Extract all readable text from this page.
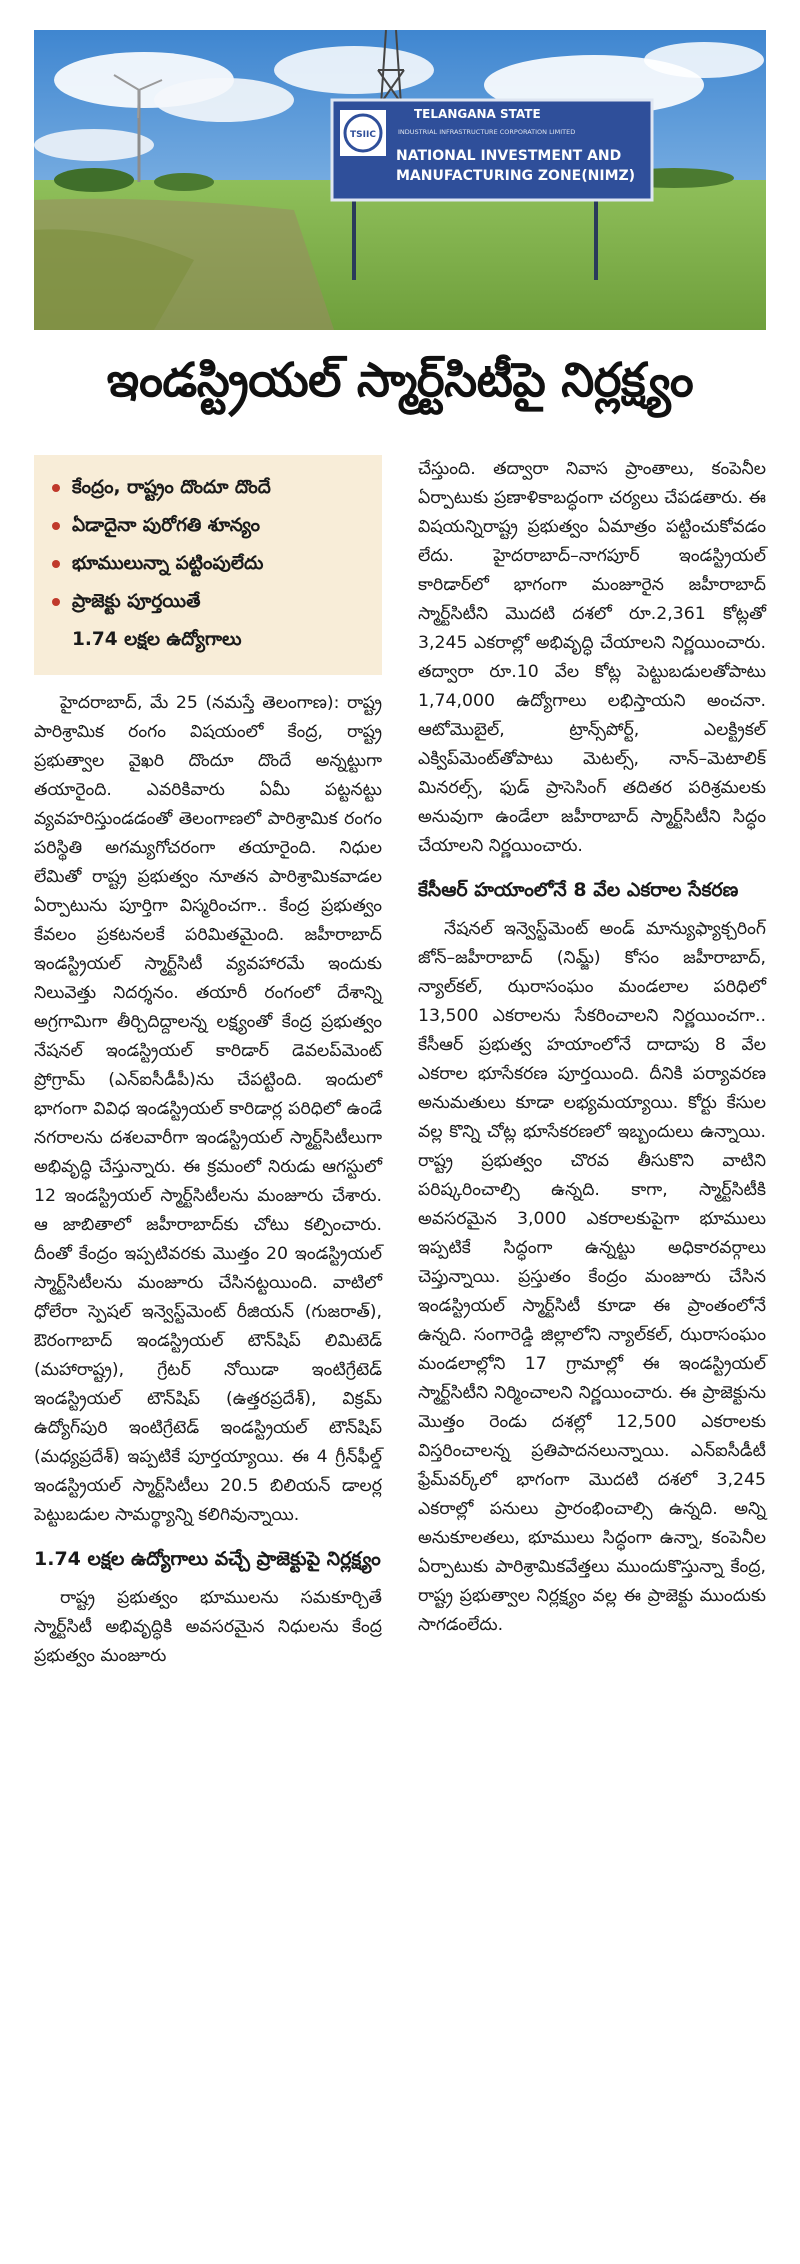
TSIIC
TELANGANA STATE
INDUSTRIAL INFRASTRUCTURE CORPORATION LIMITED
NATIONAL INVESTMENT AND
MANUFACTURING ZONE(NIMZ)
ఇండస్ట్రియల్ స్మార్ట్‌సిటీపై నిర్లక్ష్యం
కేంద్రం, రాష్ట్రం దొందూ దొందే
ఏడాదైనా పురోగతి శూన్యం
భూములున్నా పట్టింపులేదు
ప్రాజెక్టు పూర్తయితే
1.74 లక్షల ఉద్యోగాలు

హైదరాబాద్, మే 25 (నమస్తే తెలంగాణ): రాష్ట్ర పారిశ్రామిక రంగం విషయంలో కేంద్ర, రాష్ట్ర ప్రభుత్వాల వైఖరి దొందూ దొందే అన్నట్టుగా తయారైంది. ఎవరికివారు ఏమీ పట్టనట్టు వ్యవహరిస్తుండడంతో తెలంగాణలో పారిశ్రామిక రంగం పరిస్థితి అగమ్యగోచరంగా తయారైంది. నిధుల లేమితో రాష్ట్ర ప్రభుత్వం నూతన పారిశ్రామికవాడల ఏర్పాటును పూర్తిగా విస్మరించగా.. కేంద్ర ప్రభుత్వం కేవలం ప్రకటనలకే పరిమితమైంది. జహీరాబాద్ ఇండస్ట్రియల్ స్మార్ట్‌సిటీ వ్యవహారమే ఇందుకు నిలువెత్తు నిదర్శనం. తయారీ రంగంలో దేశాన్ని అగ్రగామిగా తీర్చిదిద్దాలన్న లక్ష్యంతో కేంద్ర ప్రభుత్వం నేషనల్ ఇండస్ట్రియల్ కారిడార్ డెవలప్‌మెంట్ ప్రోగ్రామ్ (ఎన్‌ఐసీడీపీ)ను చేపట్టింది. ఇందులో భాగంగా వివిధ ఇండస్ట్రియల్ కారిడార్ల పరిధిలో ఉండే నగరాలను దశలవారీగా ఇండస్ట్రియల్ స్మార్ట్‌సిటీలుగా అభివృద్ధి చేస్తున్నారు. ఈ క్రమంలో నిరుడు ఆగస్టులో 12 ఇండస్ట్రియల్ స్మార్ట్‌సిటీలను మంజూరు చేశారు. ఆ జాబితాలో జహీరాబాద్‌కు చోటు కల్పించారు. దీంతో కేంద్రం ఇప్పటివరకు మొత్తం 20 ఇండస్ట్రియల్ స్మార్ట్‌సిటీలను మంజూరు చేసినట్టయింది. వాటిలో ధోలేరా స్పెషల్ ఇన్వెస్ట్‌మెంట్ రీజియన్ (గుజరాత్), ఔరంగాబాద్ ఇండస్ట్రియల్ టౌన్‌షిప్ లిమిటెడ్ (మహారాష్ట్ర), గ్రేటర్ నోయిడా ఇంటిగ్రేటెడ్ ఇండస్ట్రియల్ టౌన్‌షిప్ (ఉత్తరప్రదేశ్), విక్రమ్ ఉద్యోగ్‌పురి ఇంటిగ్రేటెడ్ ఇండస్ట్రియల్ టౌన్‌షిప్ (మధ్యప్రదేశ్) ఇప్పటికే పూర్తయ్యాయి. ఈ 4 గ్రీన్‌ఫీల్డ్ ఇండస్ట్రియల్ స్మార్ట్‌సిటీలు 20.5 బిలియన్ డాలర్ల పెట్టుబడుల సామర్థ్యాన్ని కలిగివున్నాయి.

1.74 లక్షల ఉద్యోగాలు వచ్చే ప్రాజెక్టుపై నిర్లక్ష్యం

రాష్ట్ర ప్రభుత్వం భూములను సమకూర్చితే స్మార్ట్‌సిటీ అభివృద్ధికి అవసరమైన నిధులను కేంద్ర ప్రభుత్వం మంజూరు

చేస్తుంది. తద్వారా నివాస ప్రాంతాలు, కంపెనీల ఏర్పాటుకు ప్రణాళికాబద్ధంగా చర్యలు చేపడతారు. ఈ విషయన్నిరాష్ట్ర ప్రభుత్వం ఏమాత్రం పట్టించుకోవడం లేదు. హైదరాబాద్–నాగపూర్ ఇండస్ట్రియల్ కారిడార్‌లో భాగంగా మంజూరైన జహీరాబాద్ స్మార్ట్‌సిటీని మొదటి దశలో రూ.2,361 కోట్లతో 3,245 ఎకరాల్లో అభివృద్ధి చేయాలని నిర్ణయించారు. తద్వారా రూ.10 వేల కోట్ల పెట్టుబడులతోపాటు 1,74,000 ఉద్యోగాలు లభిస్తాయని అంచనా. ఆటోమొబైల్, ట్రాన్స్‌పోర్ట్, ఎలక్ట్రికల్ ఎక్విప్‌మెంట్‌తోపాటు మెటల్స్, నాన్–మెటాలిక్ మినరల్స్, ఫుడ్ ప్రాసెసింగ్ తదితర పరిశ్రమలకు అనువుగా ఉండేలా జహీరాబాద్ స్మార్ట్‌సిటీని సిద్ధం చేయాలని నిర్ణయించారు.

కేసీఆర్ హయాంలోనే 8 వేల ఎకరాల సేకరణ

నేషనల్ ఇన్వెస్ట్‌మెంట్ అండ్ మాన్యుఫ్యాక్చరింగ్ జోన్–జహీరాబాద్ (నిమ్జ్) కోసం జహీరాబాద్, న్యాల్‌కల్, ఝరాసంఘం మండలాల పరిధిలో 13,500 ఎకరాలను సేకరించాలని నిర్ణయించగా.. కేసీఆర్ ప్రభుత్వ హయాంలోనే దాదాపు 8 వేల ఎకరాల భూసేకరణ పూర్తయింది. దీనికి పర్యావరణ అనుమతులు కూడా లభ్యమయ్యాయి. కోర్టు కేసుల వల్ల కొన్ని చోట్ల భూసేకరణలో ఇబ్బందులు ఉన్నాయి. రాష్ట్ర ప్రభుత్వం చొరవ తీసుకొని వాటిని పరిష్కరించాల్సి ఉన్నది. కాగా, స్మార్ట్‌సిటీకి అవసరమైన 3,000 ఎకరాలకుపైగా భూములు ఇప్పటికే సిద్ధంగా ఉన్నట్టు అధికారవర్గాలు చెప్తున్నాయి. ప్రస్తుతం కేంద్రం మంజూరు చేసిన ఇండస్ట్రియల్ స్మార్ట్‌సిటీ కూడా ఈ ప్రాంతంలోనే ఉన్నది. సంగారెడ్డి జిల్లాలోని న్యాల్‌కల్, ఝరాసంఘం మండలాల్లోని 17 గ్రామాల్లో ఈ ఇండస్ట్రియల్ స్మార్ట్‌సిటీని నిర్మించాలని నిర్ణయించారు. ఈ ప్రాజెక్టును మొత్తం రెండు దశల్లో 12,500 ఎకరాలకు విస్తరించాలన్న ప్రతిపాదనలున్నాయి. ఎన్‌ఐసీడీటీ ఫ్రేమ్‌వర్క్‌లో భాగంగా మొదటి దశలో 3,245 ఎకరాల్లో పనులు ప్రారంభించాల్సి ఉన్నది. అన్ని అనుకూలతలు, భూములు సిద్ధంగా ఉన్నా, కంపెనీల ఏర్పాటుకు పారిశ్రామికవేత్తలు ముందుకొస్తున్నా కేంద్ర, రాష్ట్ర ప్రభుత్వాల నిర్లక్ష్యం వల్ల ఈ ప్రాజెక్టు ముందుకు సాగడంలేదు.
